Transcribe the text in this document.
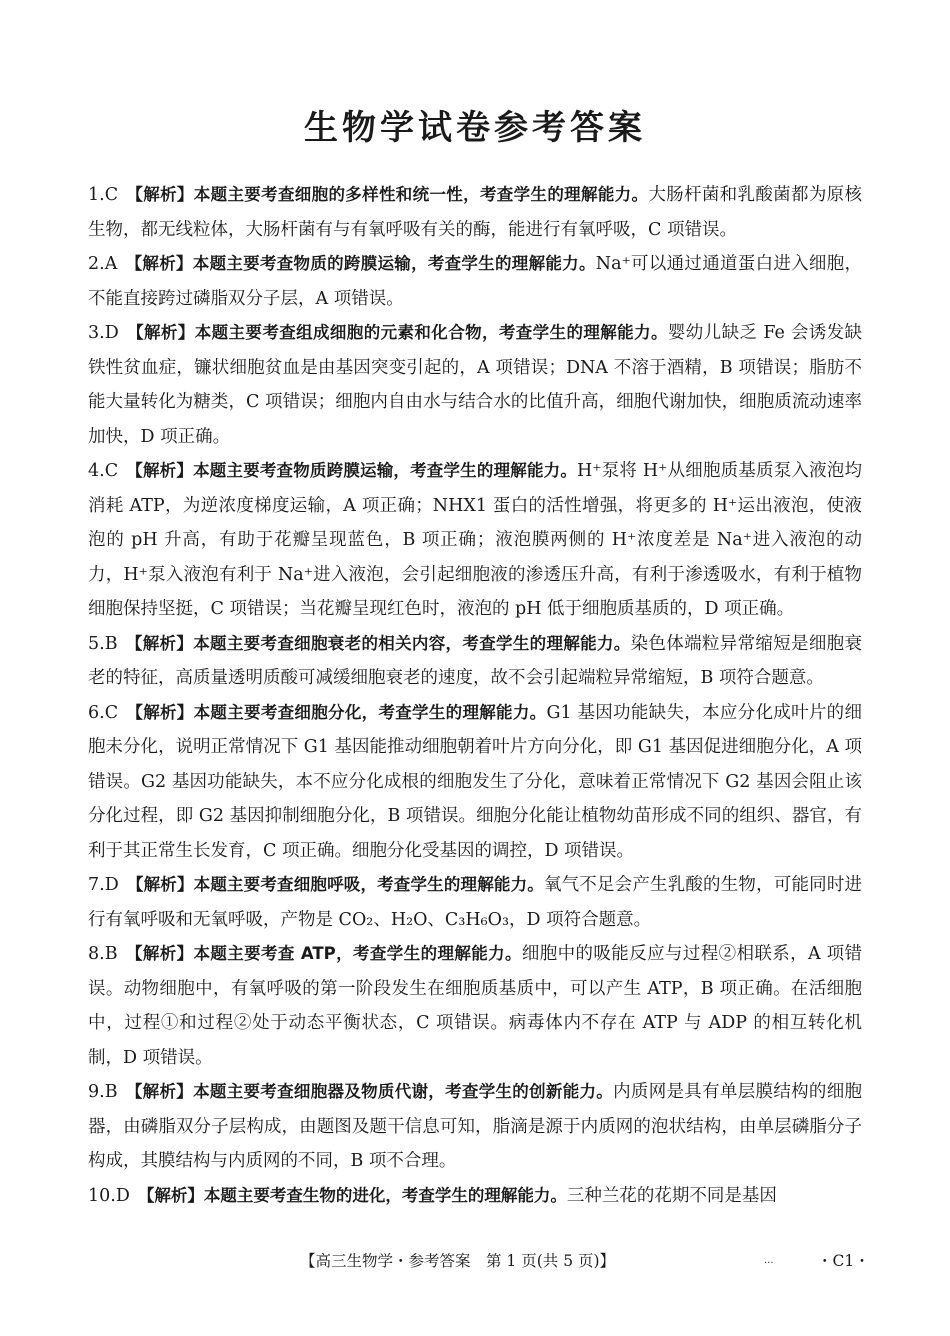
生物学试卷参考答案

1.C 【解析】本题主要考查细胞的多样性和统一性，考查学生的理解能力。大肠杆菌和乳酸菌都为原核生物，都无线粒体，大肠杆菌有与有氧呼吸有关的酶，能进行有氧呼吸，C 项错误。

2.A 【解析】本题主要考查物质的跨膜运输，考查学生的理解能力。Na⁺可以通过通道蛋白进入细胞，不能直接跨过磷脂双分子层，A 项错误。

3.D 【解析】本题主要考查组成细胞的元素和化合物，考查学生的理解能力。婴幼儿缺乏 Fe 会诱发缺铁性贫血症，镰状细胞贫血是由基因突变引起的，A 项错误；DNA 不溶于酒精，B 项错误；脂肪不能大量转化为糖类，C 项错误；细胞内自由水与结合水的比值升高，细胞代谢加快，细胞质流动速率加快，D 项正确。

4.C 【解析】本题主要考查物质跨膜运输，考查学生的理解能力。H⁺泵将 H⁺从细胞质基质泵入液泡均消耗 ATP，为逆浓度梯度运输，A 项正确；NHX1 蛋白的活性增强，将更多的 H⁺运出液泡，使液泡的 pH 升高，有助于花瓣呈现蓝色，B 项正确；液泡膜两侧的 H⁺浓度差是 Na⁺进入液泡的动力，H⁺泵入液泡有利于 Na⁺进入液泡，会引起细胞液的渗透压升高，有利于渗透吸水，有利于植物细胞保持坚挺，C 项错误；当花瓣呈现红色时，液泡的 pH 低于细胞质基质的，D 项正确。

5.B 【解析】本题主要考查细胞衰老的相关内容，考查学生的理解能力。染色体端粒异常缩短是细胞衰老的特征，高质量透明质酸可减缓细胞衰老的速度，故不会引起端粒异常缩短，B 项符合题意。

6.C 【解析】本题主要考查细胞分化，考查学生的理解能力。G1 基因功能缺失，本应分化成叶片的细胞未分化，说明正常情况下 G1 基因能推动细胞朝着叶片方向分化，即 G1 基因促进细胞分化，A 项错误。G2 基因功能缺失，本不应分化成根的细胞发生了分化，意味着正常情况下 G2 基因会阻止该分化过程，即 G2 基因抑制细胞分化，B 项错误。细胞分化能让植物幼苗形成不同的组织、器官，有利于其正常生长发育，C 项正确。细胞分化受基因的调控，D 项错误。

7.D 【解析】本题主要考查细胞呼吸，考查学生的理解能力。氧气不足会产生乳酸的生物，可能同时进行有氧呼吸和无氧呼吸，产物是 CO₂、H₂O、C₃H₆O₃，D 项符合题意。

8.B 【解析】本题主要考查 ATP，考查学生的理解能力。细胞中的吸能反应与过程②相联系，A 项错误。动物细胞中，有氧呼吸的第一阶段发生在细胞质基质中，可以产生 ATP，B 项正确。在活细胞中，过程①和过程②处于动态平衡状态，C 项错误。病毒体内不存在 ATP 与 ADP 的相互转化机制，D 项错误。

9.B 【解析】本题主要考查细胞器及物质代谢，考查学生的创新能力。内质网是具有单层膜结构的细胞器，由磷脂双分子层构成，由题图及题干信息可知，脂滴是源于内质网的泡状结构，由单层磷脂分子构成，其膜结构与内质网的不同，B 项不合理。

10.D 【解析】本题主要考查生物的进化，考查学生的理解能力。三种兰花的花期不同是基因

【高三生物学・参考答案　第 1 页(共 5 页)】	...	・C1・
